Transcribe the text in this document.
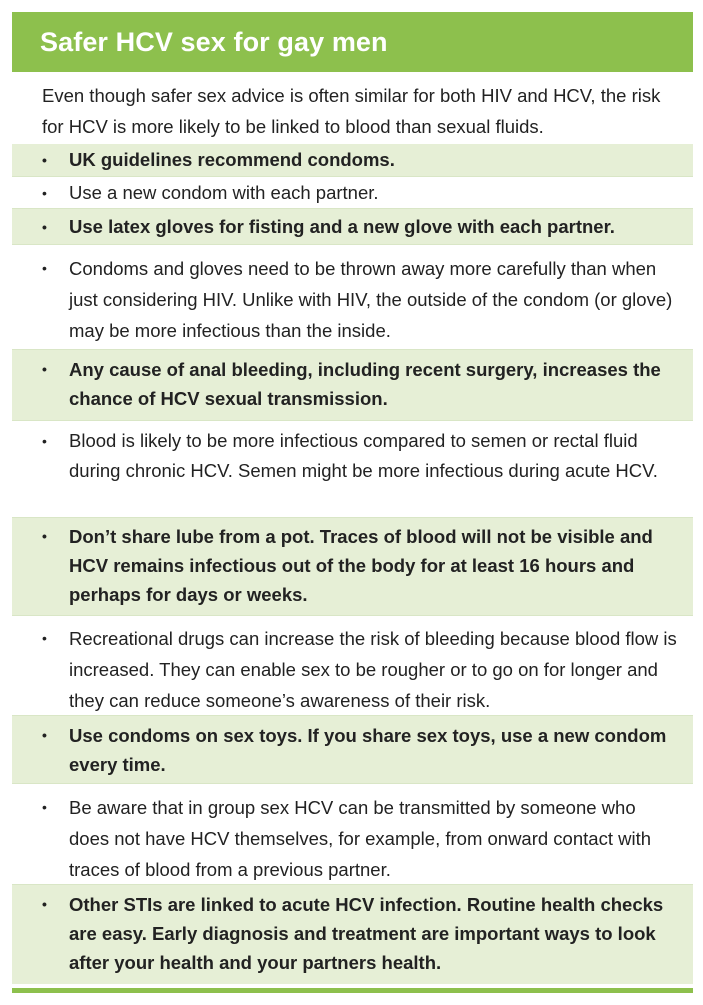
Safer HCV sex for gay men
Even though safer sex advice is often similar for both HIV and HCV, the risk for HCV is more likely to be linked to blood than sexual fluids.
•	UK guidelines recommend condoms.
•	Use a new condom with each partner.
•	Use latex gloves for fisting and a new glove with each partner.
•	Condoms and gloves need to be thrown away more carefully than when just considering HIV. Unlike with HIV, the outside of the condom (or glove) may be more infectious than the inside.
•	Any cause of anal bleeding, including recent surgery, increases the chance of HCV sexual transmission.
•	Blood is likely to be more infectious compared to semen or rectal fluid during chronic HCV. Semen might be more infectious during acute HCV.
•	Don’t share lube from a pot. Traces of blood will not be visible and HCV remains infectious out of the body for at least 16 hours and perhaps for days or weeks.
•	Recreational drugs can increase the risk of bleeding because blood flow is increased. They can enable sex to be rougher or to go on for longer and they can reduce someone’s awareness of their risk.
•	Use condoms on sex toys. If you share sex toys, use a new condom every time.
•	Be aware that in group sex HCV can be transmitted by someone who does not have HCV themselves, for example, from onward contact with traces of blood from a previous partner.
•	Other STIs are linked to acute HCV infection. Routine health checks are easy. Early diagnosis and treatment are important ways to look after your health and your partners health.
